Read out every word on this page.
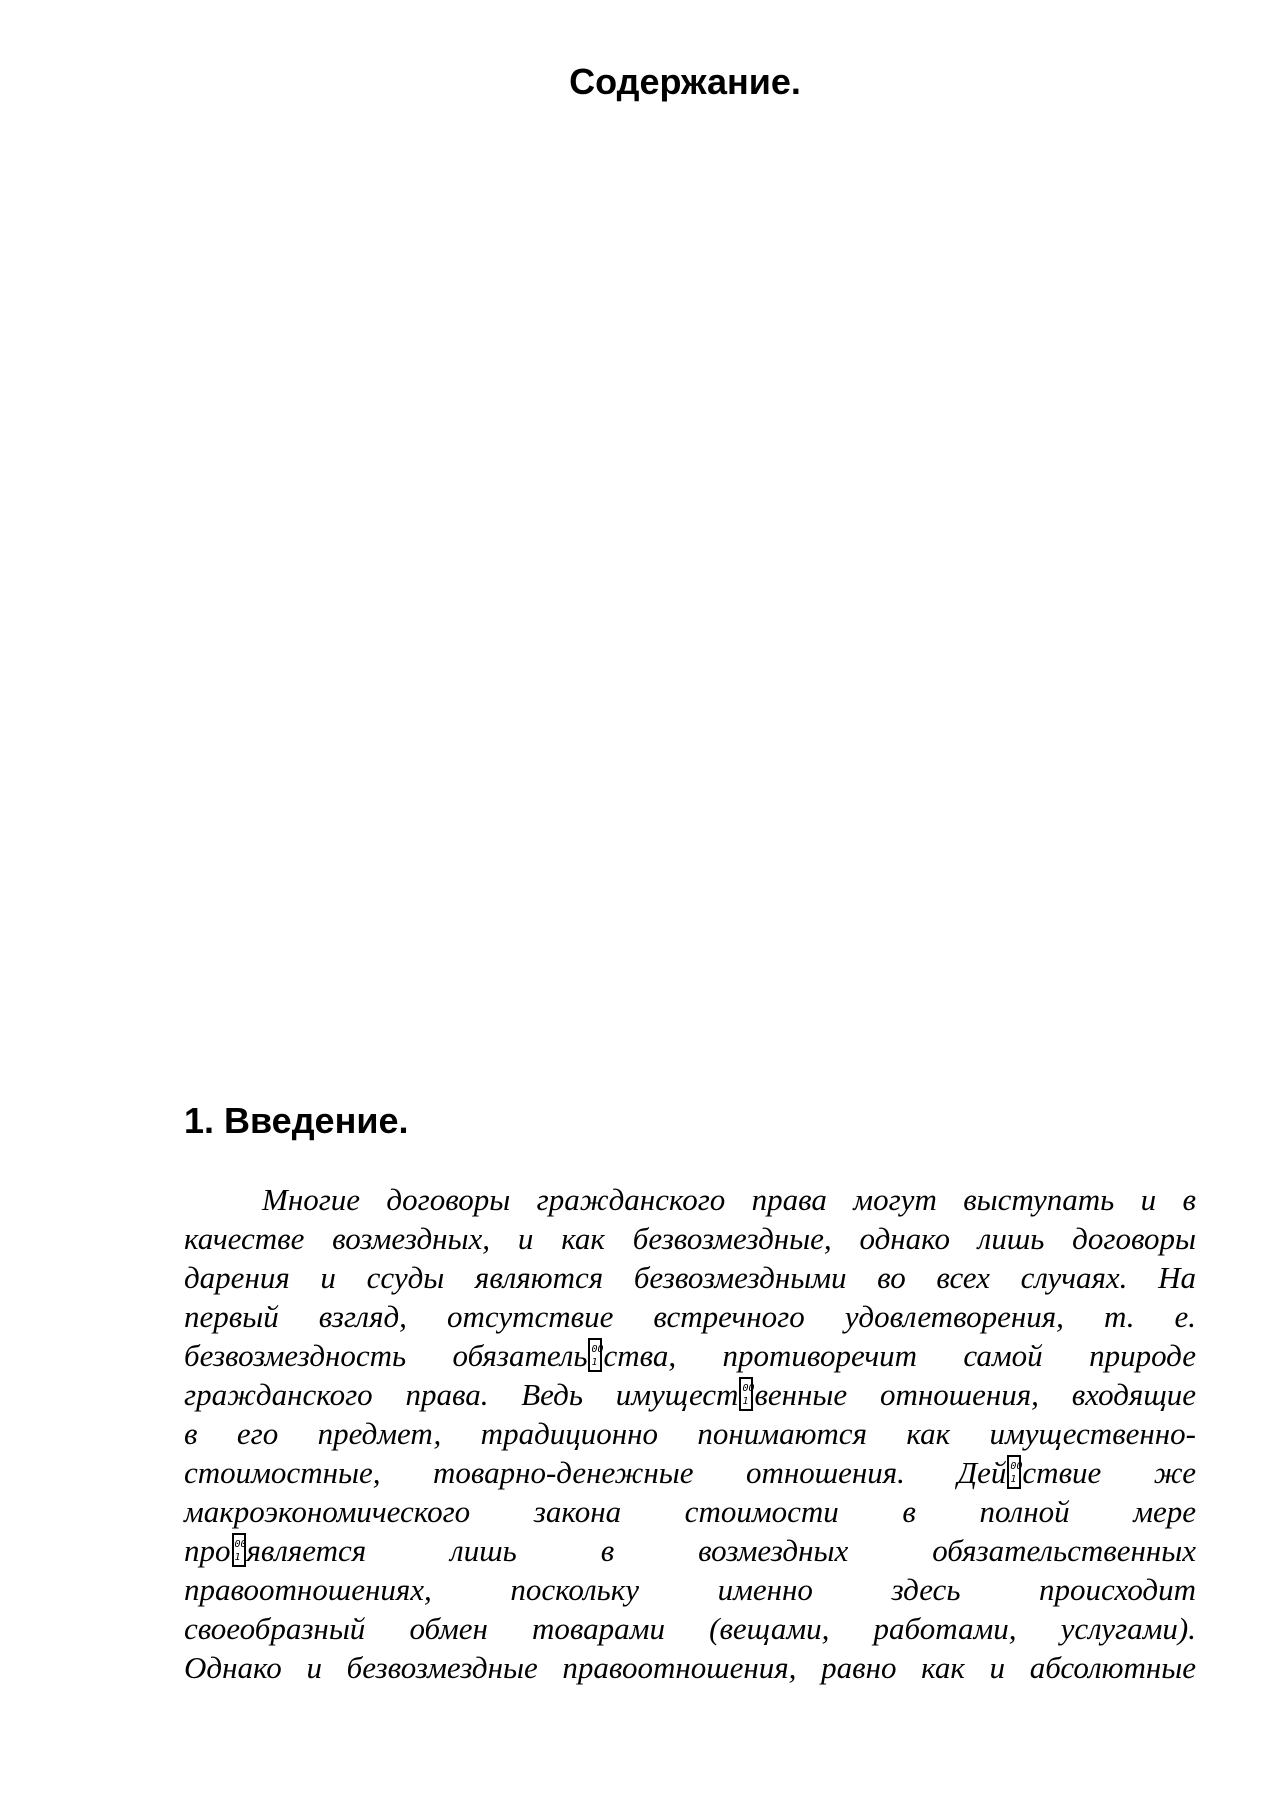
Содержание.
1. Введение.
Многие договоры гражданского права могут выступать и в
качестве возмездных, и как безвозмездные, однако лишь договоры
дарения и ссуды являются безвозмездными во всех случаях. На
первый взгляд, отсутствие встречного удовлетворения, т. е.
безвозмездность обязатель 00
1 ства, противоречит самой природе
гражданского права. Ведь имущест 00
1 венные отношения, входящие
в его предмет, традиционно понимаются как имущественно-
стоимостные, товарно-денежные отношения. Дей 00
1 ствие же
макроэкономического закона стоимости в полной мере
про 00
1 является лишь в возмездных обязательственных
правоотношениях, поскольку именно здесь происходит
своеобразный обмен товарами (вещами, работами, услугами).
Однако и безвозмездные правоотношения, равно как и абсолютные
